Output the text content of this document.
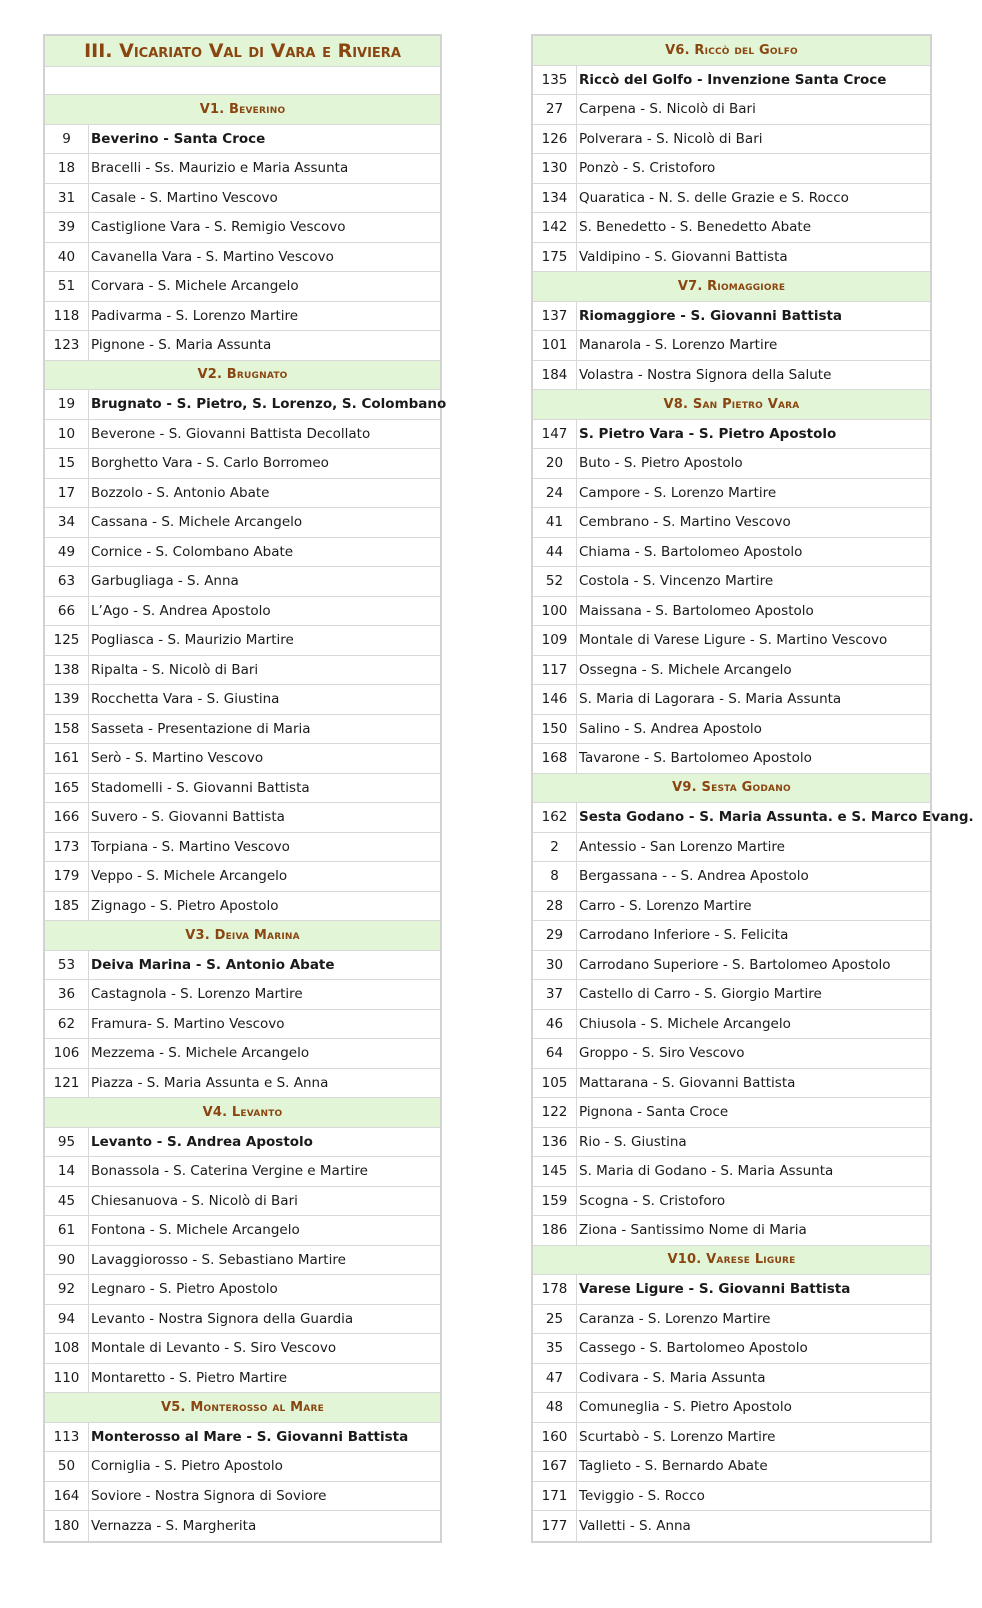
III. Vicariato Val di Vara e Riviera
V1. Beverino
9	Beverino - Santa Croce
18	Bracelli - Ss. Maurizio e Maria Assunta
31	Casale - S. Martino Vescovo
39	Castiglione Vara - S. Remigio Vescovo
40	Cavanella Vara - S. Martino Vescovo
51	Corvara - S. Michele Arcangelo
118 Padivarma - S. Lorenzo Martire
123 Pignone - S. Maria Assunta
V2. Brugnato
19	Brugnato - S. Pietro, S. Lorenzo, S. Colombano
10	Beverone - S. Giovanni Battista Decollato
15	Borghetto Vara - S. Carlo Borromeo
17	Bozzolo - S. Antonio Abate
34	Cassana - S. Michele Arcangelo
49	Cornice - S. Colombano Abate
63	Garbugliaga - S. Anna
66	L’Ago - S. Andrea Apostolo
125 Pogliasca - S. Maurizio Martire
138 Ripalta - S. Nicolò di Bari
139 Rocchetta Vara - S. Giustina
158 Sasseta - Presentazione di Maria
161 Serò - S. Martino Vescovo
165 Stadomelli - S. Giovanni Battista
166 Suvero - S. Giovanni Battista
173 Torpiana - S. Martino Vescovo
179 Veppo - S. Michele Arcangelo
185 Zignago - S. Pietro Apostolo
V3. Deiva Marina
53	Deiva Marina - S. Antonio Abate
36	Castagnola - S. Lorenzo Martire
62	Framura- S. Martino Vescovo
106 Mezzema - S. Michele Arcangelo
121 Piazza - S. Maria Assunta e S. Anna
V4. Levanto
95	Levanto - S. Andrea Apostolo
14	Bonassola - S. Caterina Vergine e Martire
45	Chiesanuova - S. Nicolò di Bari
61	Fontona - S. Michele Arcangelo
90	Lavaggiorosso - S. Sebastiano Martire
92	Legnaro - S. Pietro Apostolo
94	Levanto - Nostra Signora della Guardia
108 Montale di Levanto - S. Siro Vescovo
110 Montaretto - S. Pietro Martire
V5. Monterosso al Mare
113 Monterosso al Mare - S. Giovanni Battista
50	Corniglia - S. Pietro Apostolo
164 Soviore - Nostra Signora di Soviore
180 Vernazza - S. Margherita
V6. Riccò del Golfo
135 Riccò del Golfo - Invenzione Santa Croce
27	Carpena - S. Nicolò di Bari
126 Polverara - S. Nicolò di Bari
130 Ponzò - S. Cristoforo
134 Quaratica - N. S. delle Grazie e S. Rocco
142 S. Benedetto - S. Benedetto Abate
175 Valdipino - S. Giovanni Battista
V7. Riomaggiore
137 Riomaggiore - S. Giovanni Battista
101 Manarola - S. Lorenzo Martire
184 Volastra - Nostra Signora della Salute
V8. San Pietro Vara
147 S. Pietro Vara - S. Pietro Apostolo
20	Buto - S. Pietro Apostolo
24	Campore - S. Lorenzo Martire
41	Cembrano - S. Martino Vescovo
44	Chiama - S. Bartolomeo Apostolo
52	Costola - S. Vincenzo Martire
100 Maissana - S. Bartolomeo Apostolo
109 Montale di Varese Ligure - S. Martino Vescovo
117 Ossegna - S. Michele Arcangelo
146 S. Maria di Lagorara - S. Maria Assunta
150 Salino - S. Andrea Apostolo
168 Tavarone - S. Bartolomeo Apostolo
V9. Sesta Godano
162 Sesta Godano - S. Maria Assunta. e S. Marco Evang.
2	Antessio - San Lorenzo Martire
8	Bergassana - - S. Andrea Apostolo
28	Carro - S. Lorenzo Martire
29	Carrodano Inferiore - S. Felicita
30	Carrodano Superiore - S. Bartolomeo Apostolo
37	Castello di Carro - S. Giorgio Martire
46	Chiusola - S. Michele Arcangelo
64	Groppo - S. Siro Vescovo
105 Mattarana - S. Giovanni Battista
122 Pignona - Santa Croce
136 Rio - S. Giustina
145 S. Maria di Godano - S. Maria Assunta
159 Scogna - S. Cristoforo
186 Ziona - Santissimo Nome di Maria
V10. Varese Ligure
178 Varese Ligure - S. Giovanni Battista
25	Caranza - S. Lorenzo Martire
35	Cassego - S. Bartolomeo Apostolo
47	Codivara - S. Maria Assunta
48	Comuneglia - S. Pietro Apostolo
160 Scurtabò - S. Lorenzo Martire
167 Taglieto - S. Bernardo Abate
171 Teviggio - S. Rocco
177 Valletti - S. Anna
